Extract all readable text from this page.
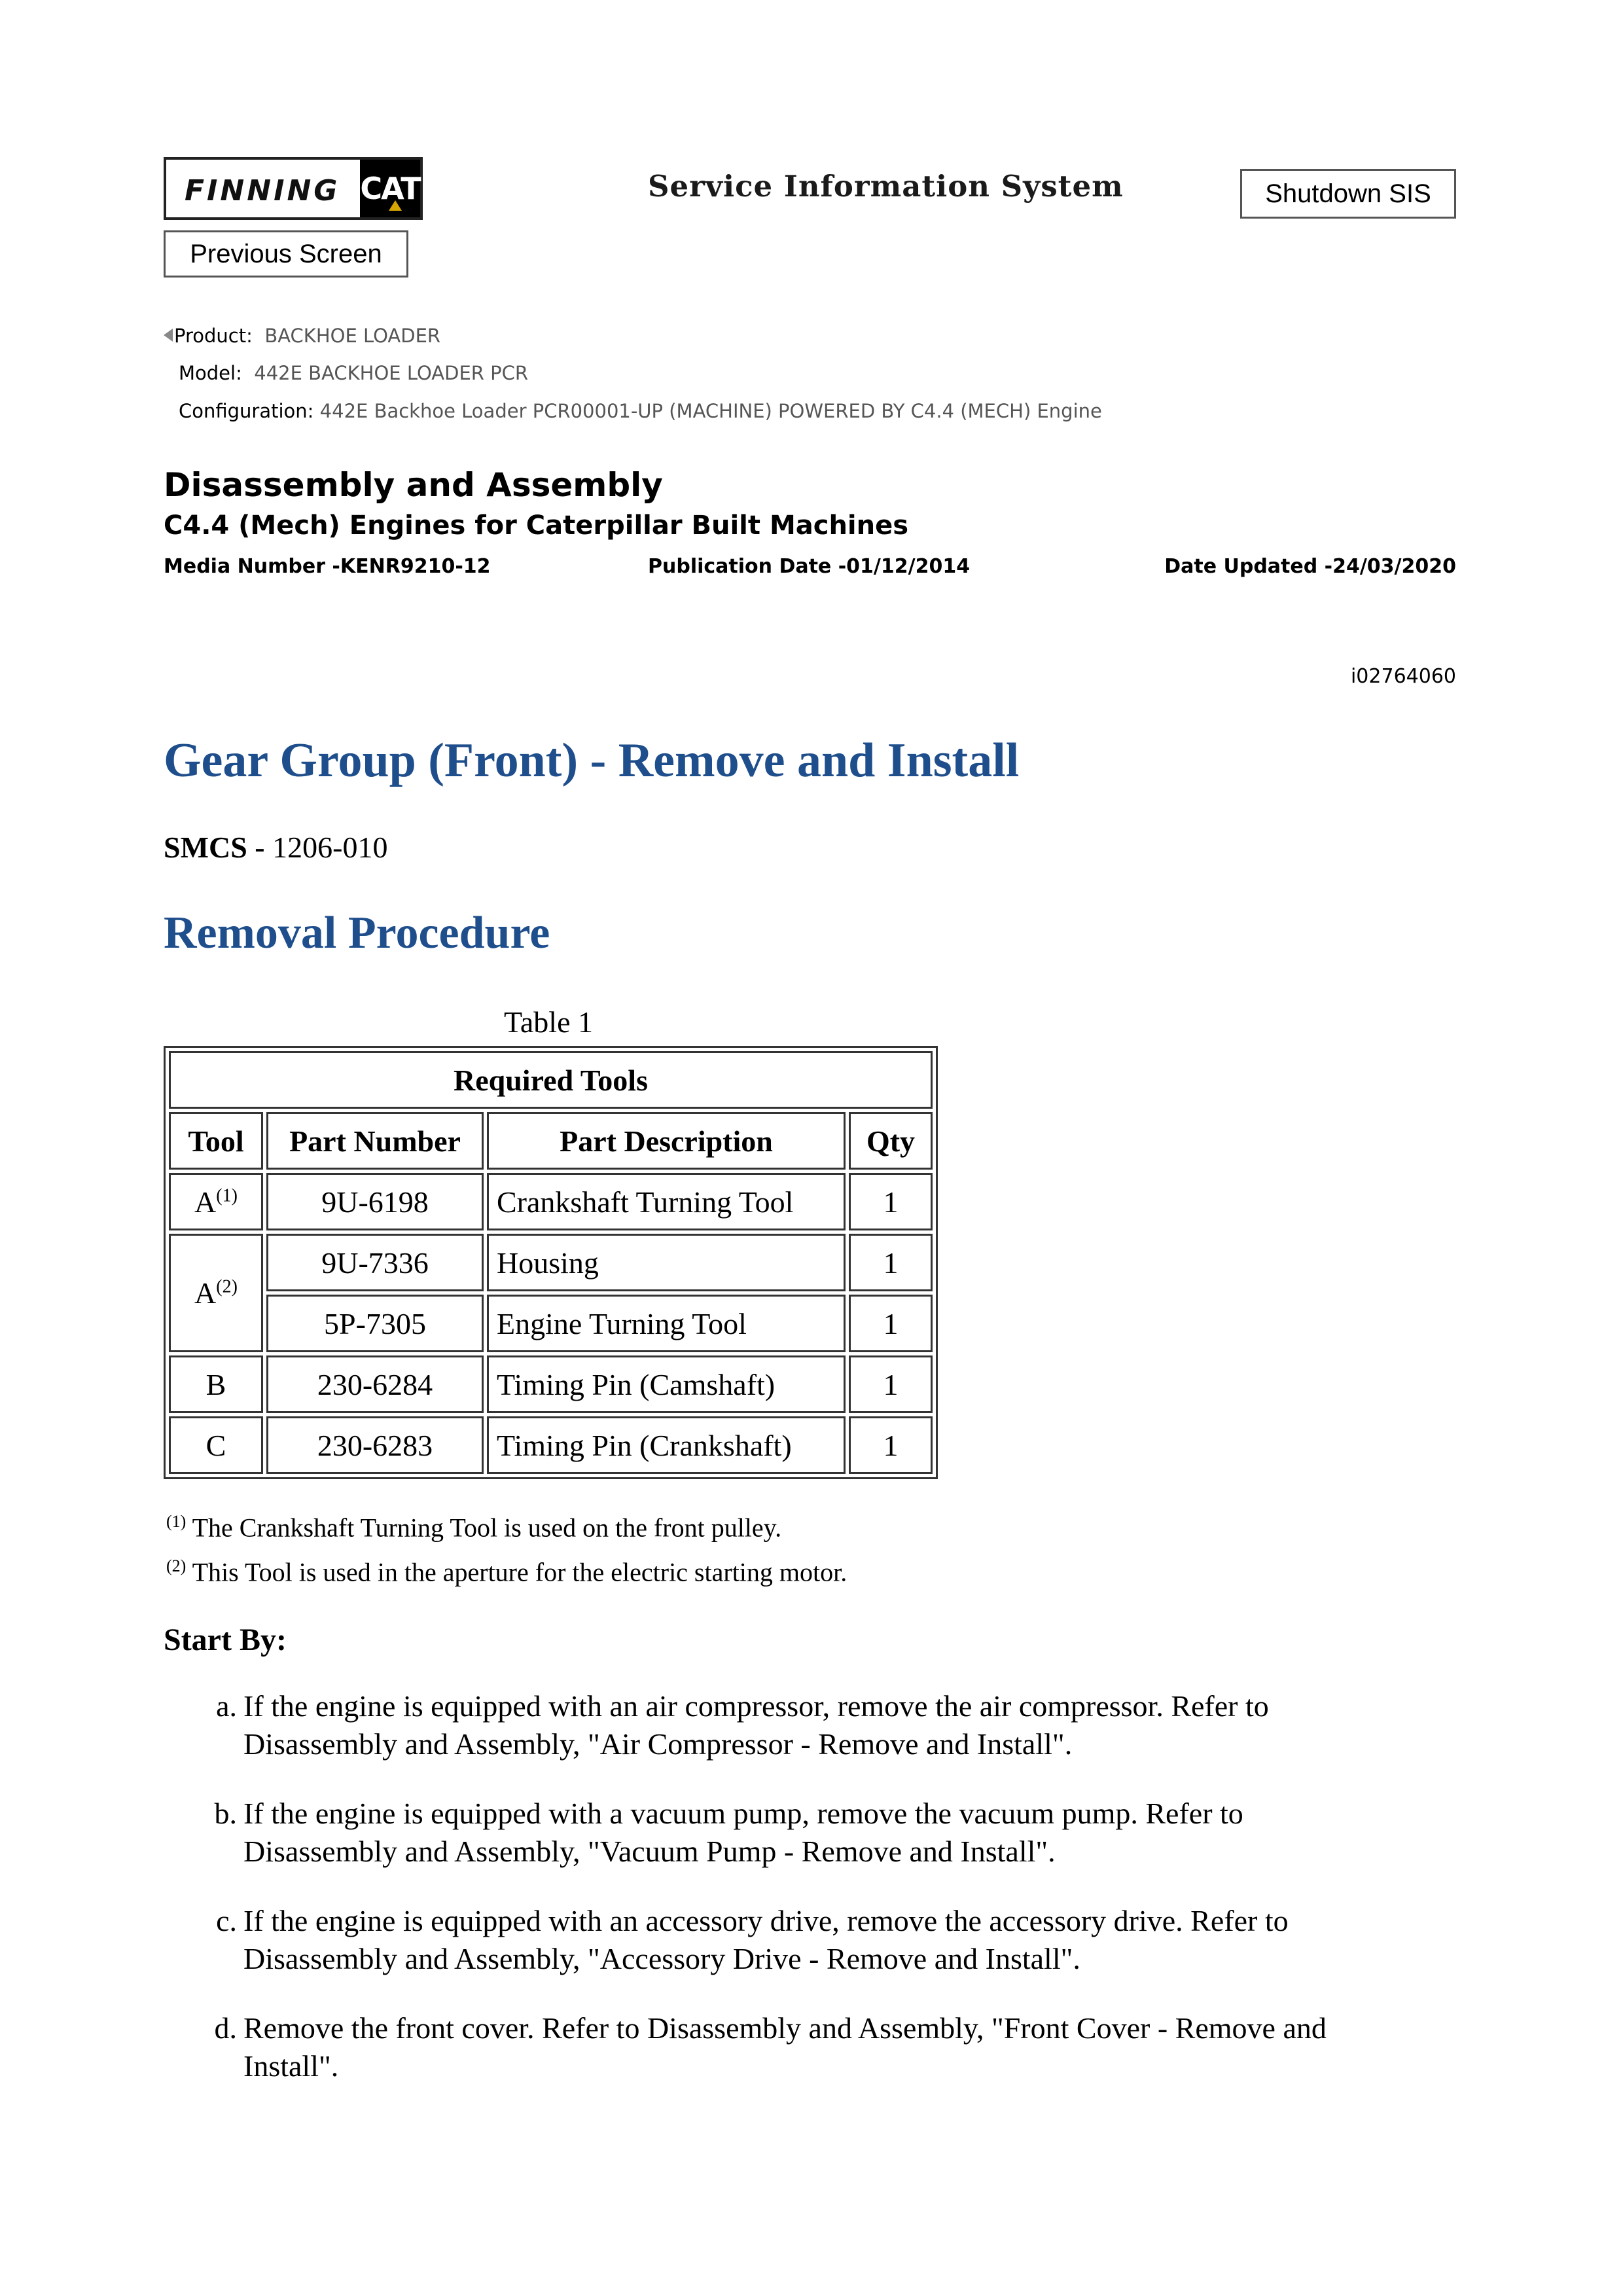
FINNING CAT	Service Information System	Shutdown SIS
Previous Screen
Product: BACKHOE LOADER
Model: 442E BACKHOE LOADER PCR
Configuration: 442E Backhoe Loader PCR00001-UP (MACHINE) POWERED BY C4.4 (MECH) Engine
Disassembly and Assembly
C4.4 (Mech) Engines for Caterpillar Built Machines
Media Number -KENR9210-12	Publication Date -01/12/2014	Date Updated -24/03/2020
i02764060
Gear Group (Front) - Remove and Install
SMCS - 1206-010
Removal Procedure
Table 1
Required Tools			
Tool	Part Number	Part Description	Qty
$A^{(1)}$	9U-6198	Crankshaft Turning Tool	1
$A^{(2)}$	9U-7336	Housing	1
	5P-7305	Engine Turning Tool	1
B	230-6284	Timing Pin (Camshaft)	1
C	230-6283	Timing Pin (Crankshaft)	1
$^{(1)}$ The Crankshaft Turning Tool is used on the front pulley.
$^{(2)}$ This Tool is used in the aperture for the electric starting motor.
Start By:
a. If the engine is equipped with an air compressor, remove the air compressor. Refer to
Disassembly and Assembly, "Air Compressor - Remove and Install".
b. If the engine is equipped with a vacuum pump, remove the vacuum pump. Refer to
Disassembly and Assembly, "Vacuum Pump - Remove and Install".
c. If the engine is equipped with an accessory drive, remove the accessory drive. Refer to
Disassembly and Assembly, "Accessory Drive - Remove and Install".
d. Remove the front cover. Refer to Disassembly and Assembly, "Front Cover - Remove and
Install".
